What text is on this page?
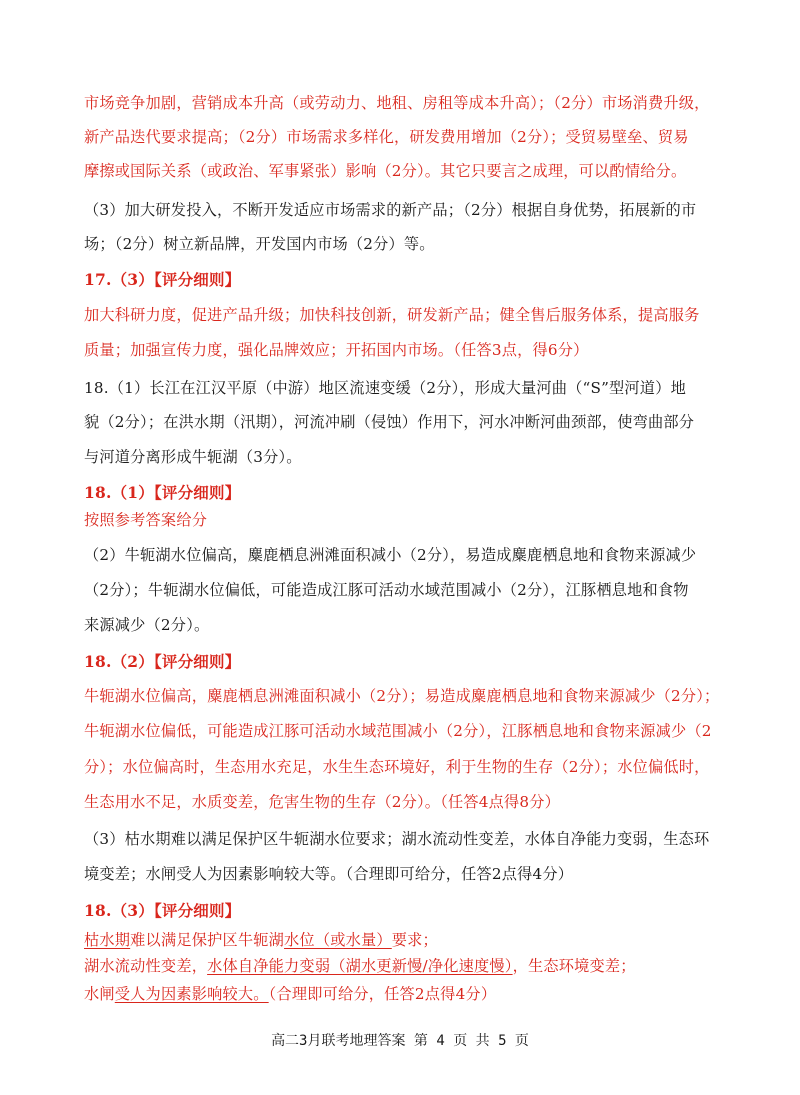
市场竞争加剧，营销成本升高（或劳动力、地租、房租等成本升高）；（2分）市场消费升级，
新产品迭代要求提高；（2分）市场需求多样化，研发费用增加（2分）；受贸易壁垒、贸易
摩擦或国际关系（或政治、军事紧张）影响（2分）。其它只要言之成理，可以酌情给分。
（3）加大研发投入，不断开发适应市场需求的新产品；（2分）根据自身优势，拓展新的市
场；（2分）树立新品牌，开发国内市场（2分）等。
17.（3）【评分细则】
加大科研力度，促进产品升级；加快科技创新，研发新产品；健全售后服务体系，提高服务
质量；加强宣传力度，强化品牌效应；开拓国内市场。（任答3点，得6分）
18.（1）长江在江汉平原（中游）地区流速变缓（2分），形成大量河曲（“S”型河道）地
貌（2分）；在洪水期（汛期），河流冲刷（侵蚀）作用下，河水冲断河曲颈部，使弯曲部分
与河道分离形成牛轭湖（3分）。
18.（1）【评分细则】
按照参考答案给分
（2）牛轭湖水位偏高，麋鹿栖息洲滩面积减小（2分），易造成麋鹿栖息地和食物来源减少
（2分）；牛轭湖水位偏低，可能造成江豚可活动水域范围减小（2分），江豚栖息地和食物
来源减少（2分）。
18.（2）【评分细则】
牛轭湖水位偏高，麋鹿栖息洲滩面积减小（2分）；易造成麋鹿栖息地和食物来源减少（2分）；
牛轭湖水位偏低，可能造成江豚可活动水域范围减小（2分），江豚栖息地和食物来源减少（2
分）；水位偏高时，生态用水充足，水生生态环境好，利于生物的生存（2分）；水位偏低时，
生态用水不足，水质变差，危害生物的生存（2分）。（任答4点得8分）
（3）枯水期难以满足保护区牛轭湖水位要求；湖水流动性变差，水体自净能力变弱，生态环
境变差；水闸受人为因素影响较大等。（合理即可给分，任答2点得4分）
18.（3）【评分细则】
枯水期难以满足保护区牛轭湖水位（或水量）要求；
湖水流动性变差，水体自净能力变弱（湖水更新慢/净化速度慢），生态环境变差；
水闸受人为因素影响较大。（合理即可给分，任答2点得4分）
高二3月联考地理答案 第 4 页 共 5 页
